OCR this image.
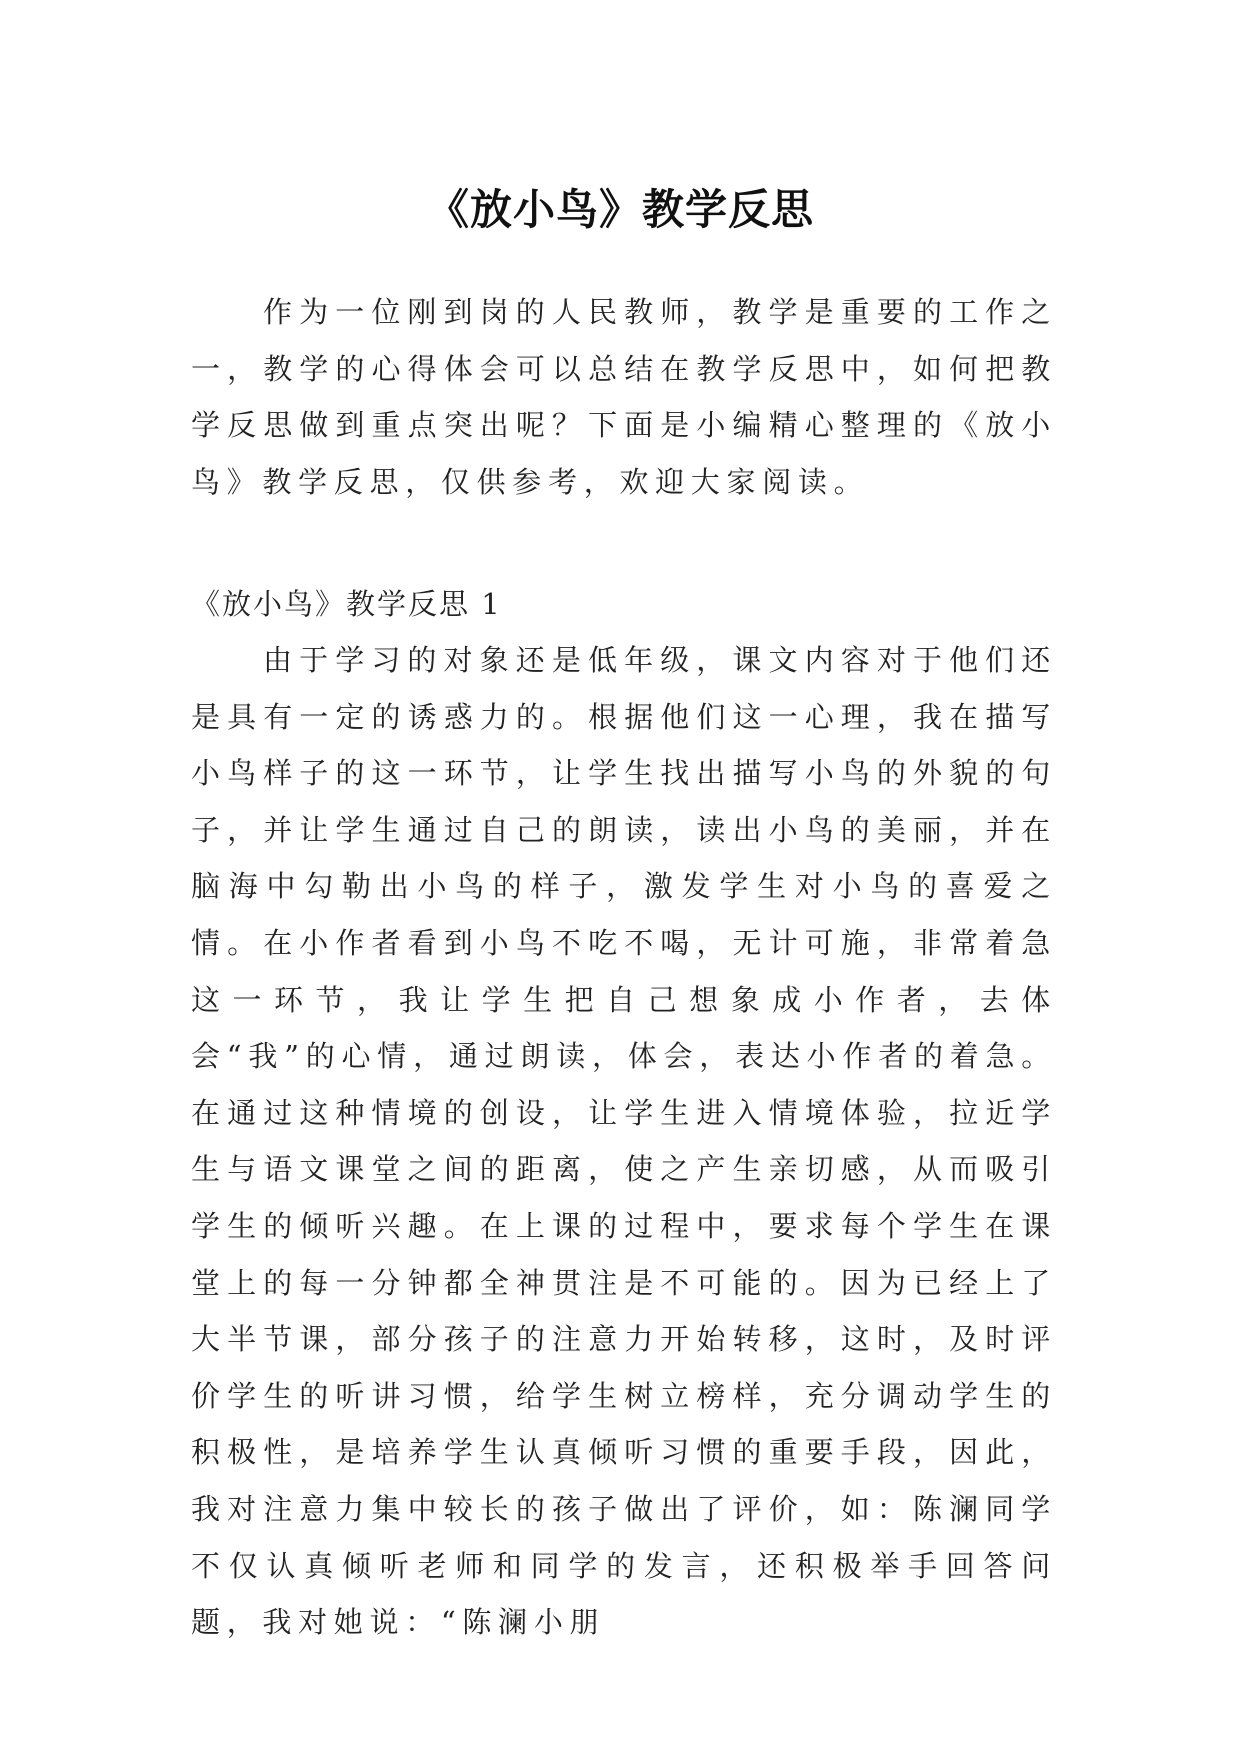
《放小鸟》教学反思

作为一位刚到岗的人民教师，教学是重要的工作之一，教学的心得体会可以总结在教学反思中，如何把教学反思做到重点突出呢？下面是小编精心整理的《放小鸟》教学反思，仅供参考，欢迎大家阅读。

《放小鸟》教学反思 1

由于学习的对象还是低年级，课文内容对于他们还是具有一定的诱惑力的。根据他们这一心理，我在描写小鸟样子的这一环节，让学生找出描写小鸟的外貌的句子，并让学生通过自己的朗读，读出小鸟的美丽，并在脑海中勾勒出小鸟的样子，激发学生对小鸟的喜爱之情。在小作者看到小鸟不吃不喝，无计可施，非常着急这一环节，我让学生把自己想象成小作者，去体会“我”的心情，通过朗读，体会，表达小作者的着急。在通过这种情境的创设，让学生进入情境体验，拉近学生与语文课堂之间的距离，使之产生亲切感，从而吸引学生的倾听兴趣。在上课的过程中，要求每个学生在课堂上的每一分钟都全神贯注是不可能的。因为已经上了大半节课，部分孩子的注意力开始转移，这时，及时评价学生的听讲习惯，给学生树立榜样，充分调动学生的积极性，是培养学生认真倾听习惯的重要手段，因此，我对注意力集中较长的孩子做出了评价，如：陈澜同学不仅认真倾听老师和同学的发言，还积极举手回答问题，我对她说：“陈澜小朋
